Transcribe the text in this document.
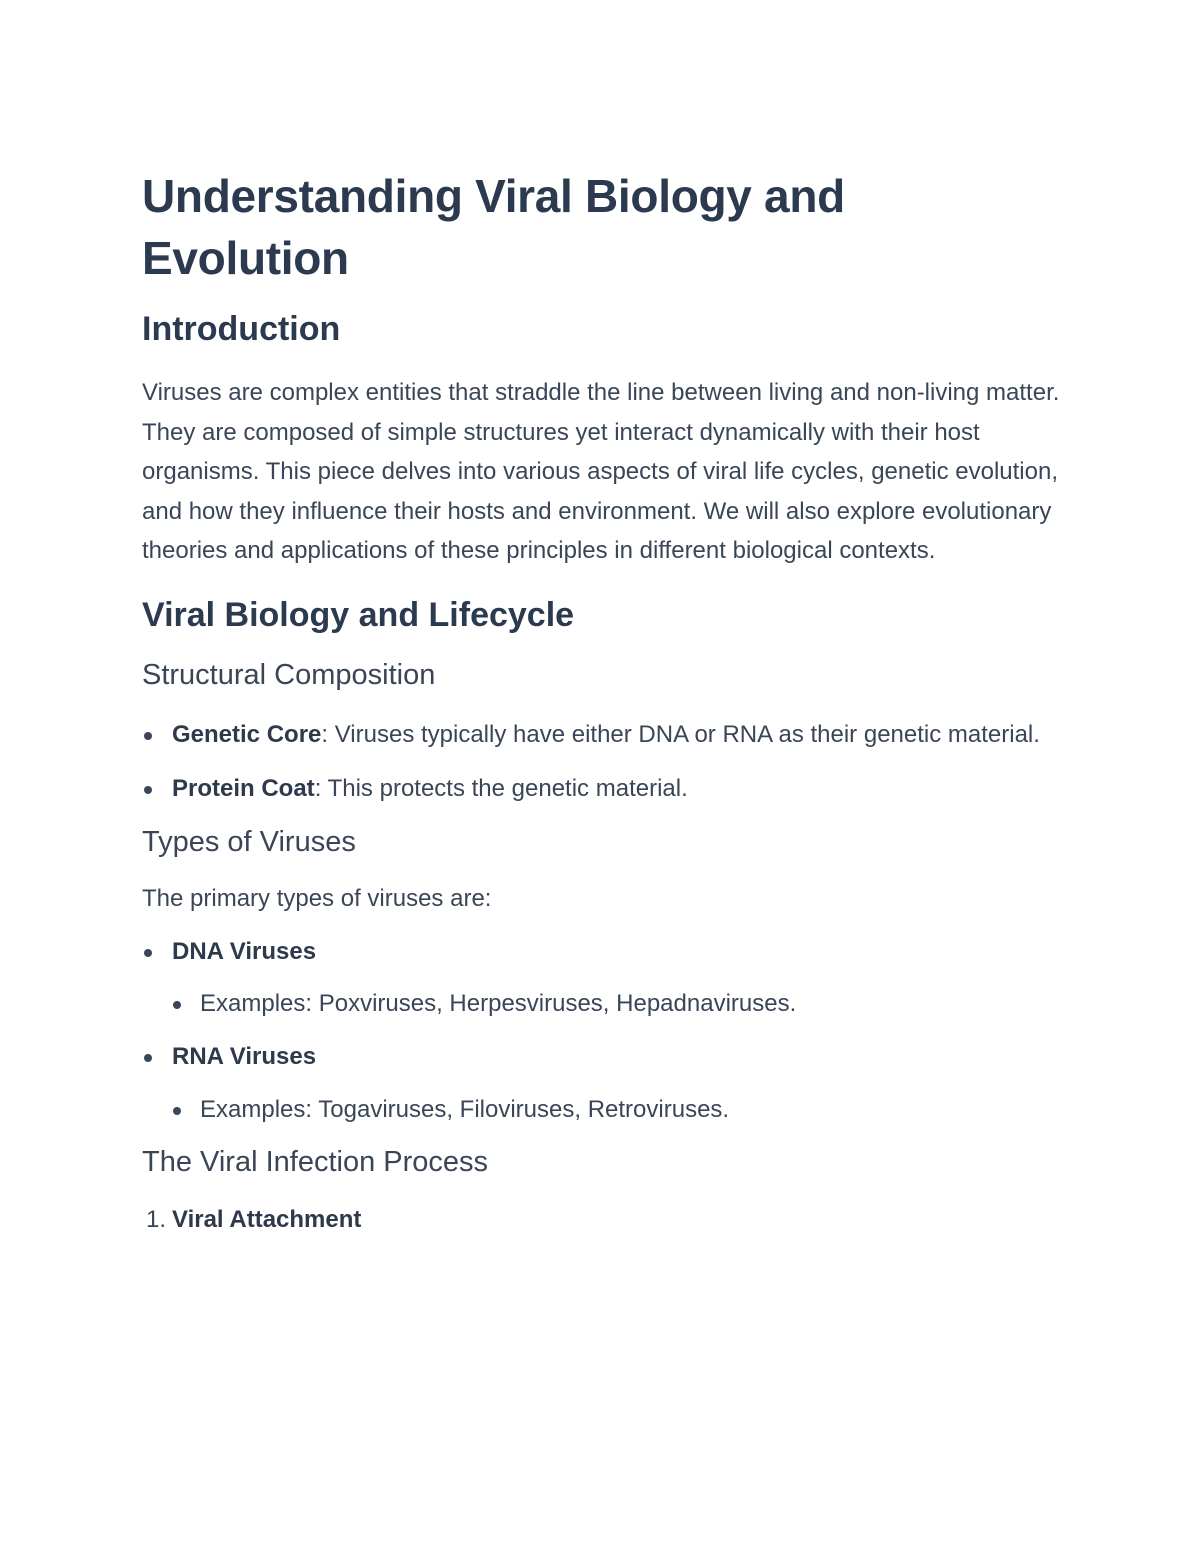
Understanding Viral Biology and Evolution
Introduction

Viruses are complex entities that straddle the line between living and non-living matter. They are composed of simple structures yet interact dynamically with their host organisms. This piece delves into various aspects of viral life cycles, genetic evolution, and how they influence their hosts and environment. We will also explore evolutionary theories and applications of these principles in different biological contexts.

Viral Biology and Lifecycle
Structural Composition
Genetic Core: Viruses typically have either DNA or RNA as their genetic material.
Protein Coat: This protects the genetic material.
Types of Viruses

The primary types of viruses are:

DNA Viruses
Examples: Poxviruses, Herpesviruses, Hepadnaviruses.
RNA Viruses
Examples: Togaviruses, Filoviruses, Retroviruses.
The Viral Infection Process
1. Viral Attachment
